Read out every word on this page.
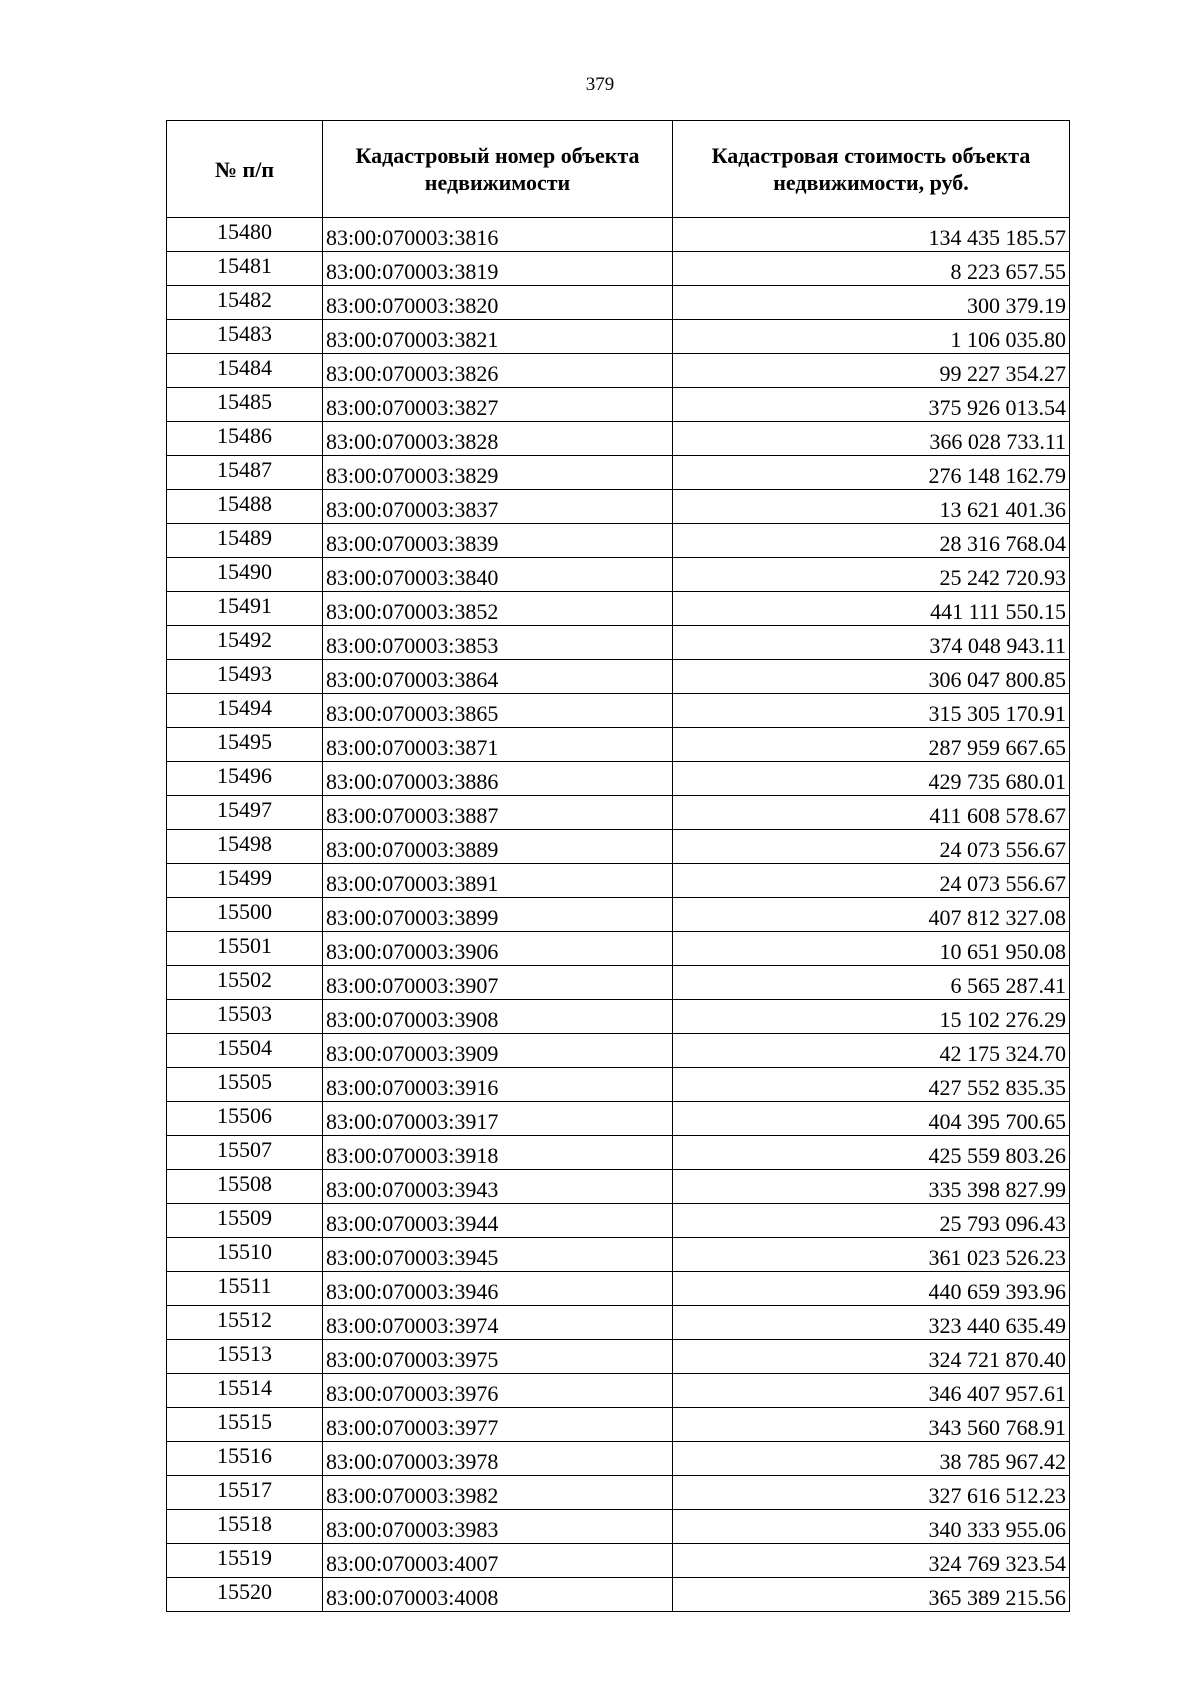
379
№ п/п	Кадастровый номер объекта недвижимости	Кадастровая стоимость объекта недвижимости, руб.
15480	83:00:070003:3816	134 435 185.57
15481	83:00:070003:3819	8 223 657.55
15482	83:00:070003:3820	300 379.19
15483	83:00:070003:3821	1 106 035.80
15484	83:00:070003:3826	99 227 354.27
15485	83:00:070003:3827	375 926 013.54
15486	83:00:070003:3828	366 028 733.11
15487	83:00:070003:3829	276 148 162.79
15488	83:00:070003:3837	13 621 401.36
15489	83:00:070003:3839	28 316 768.04
15490	83:00:070003:3840	25 242 720.93
15491	83:00:070003:3852	441 111 550.15
15492	83:00:070003:3853	374 048 943.11
15493	83:00:070003:3864	306 047 800.85
15494	83:00:070003:3865	315 305 170.91
15495	83:00:070003:3871	287 959 667.65
15496	83:00:070003:3886	429 735 680.01
15497	83:00:070003:3887	411 608 578.67
15498	83:00:070003:3889	24 073 556.67
15499	83:00:070003:3891	24 073 556.67
15500	83:00:070003:3899	407 812 327.08
15501	83:00:070003:3906	10 651 950.08
15502	83:00:070003:3907	6 565 287.41
15503	83:00:070003:3908	15 102 276.29
15504	83:00:070003:3909	42 175 324.70
15505	83:00:070003:3916	427 552 835.35
15506	83:00:070003:3917	404 395 700.65
15507	83:00:070003:3918	425 559 803.26
15508	83:00:070003:3943	335 398 827.99
15509	83:00:070003:3944	25 793 096.43
15510	83:00:070003:3945	361 023 526.23
15511	83:00:070003:3946	440 659 393.96
15512	83:00:070003:3974	323 440 635.49
15513	83:00:070003:3975	324 721 870.40
15514	83:00:070003:3976	346 407 957.61
15515	83:00:070003:3977	343 560 768.91
15516	83:00:070003:3978	38 785 967.42
15517	83:00:070003:3982	327 616 512.23
15518	83:00:070003:3983	340 333 955.06
15519	83:00:070003:4007	324 769 323.54
15520	83:00:070003:4008	365 389 215.56
